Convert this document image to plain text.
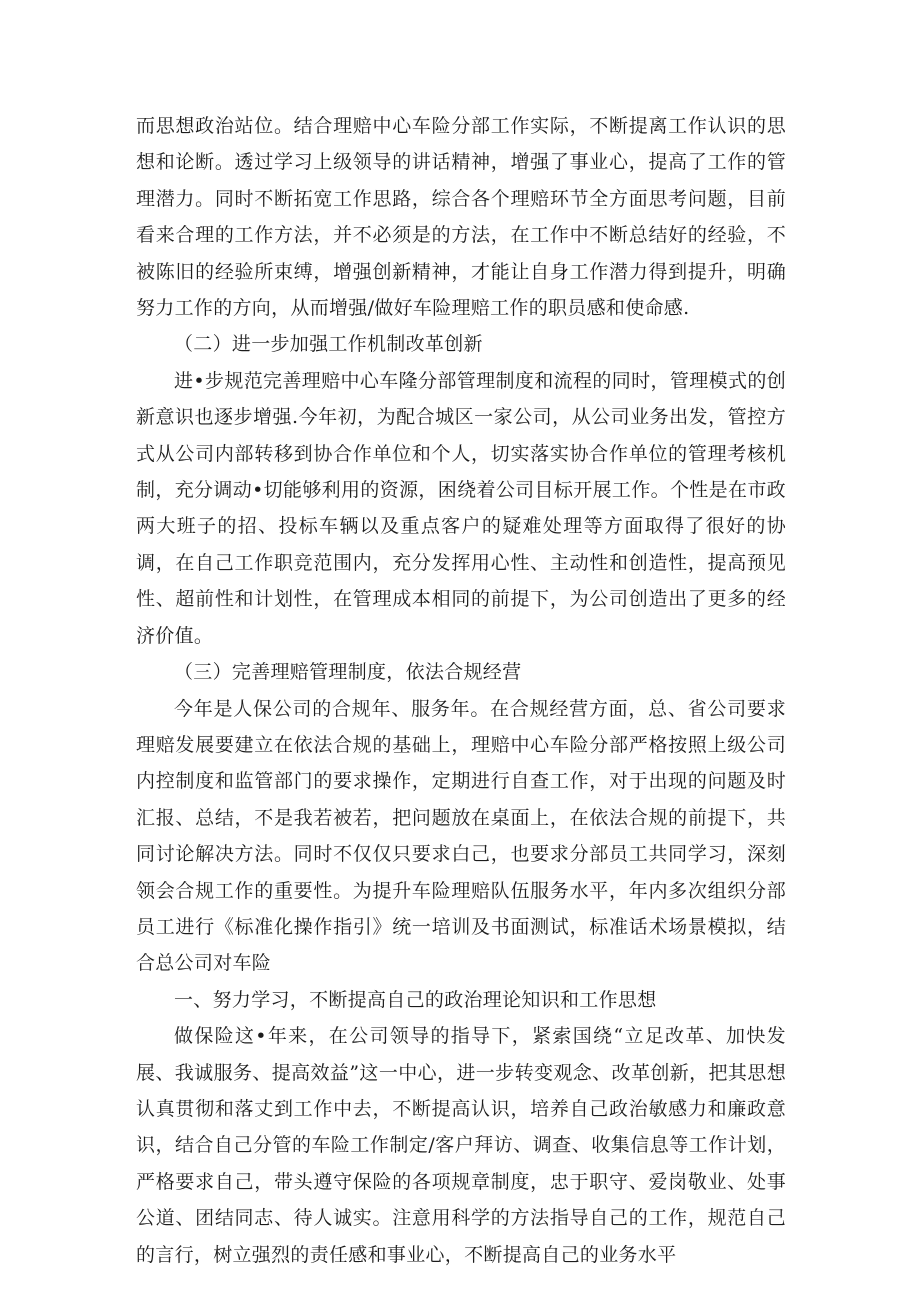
而思想政治站位。结合理赔中心车险分部工作实际，不断提离工作认识的思想和论断。透过学习上级领导的讲话精神，增强了事业心，提高了工作的管理潜力。同时不断拓宽工作思路，综合各个理赔环节全方面思考问题，目前看来合理的工作方法，并不必须是的方法，在工作中不断总结好的经验，不被陈旧的经验所束缚，增强创新精神，才能让自身工作潜力得到提升，明确努力工作的方向，从而增强/做好车险理赔工作的职员感和使命感.

（二）进一步加强工作机制改革创新

进•步规范完善理赔中心车隆分部管理制度和流程的同时，管理模式的创新意识也逐步增强.今年初，为配合城区一家公司，从公司业务出发，管控方式从公司内部转移到协合作单位和个人，切实落实协合作单位的管理考核机制，充分调动•切能够利用的资源，困绕着公司目标开展工作。个性是在市政两大班子的招、投标车辆以及重点客户的疑难处理等方面取得了很好的协调，在自己工作职竞范围内，充分发挥用心性、主动性和创造性，提高预见性、超前性和计划性，在管理成本相同的前提下，为公司创造出了更多的经济价值。

（三）完善理赔管理制度，依法合规经营

今年是人保公司的合规年、服务年。在合规经营方面，总、省公司要求理赔发展要建立在依法合规的基础上，理赔中心车险分部严格按照上级公司内控制度和监管部门的要求操作，定期进行自查工作，对于出现的问题及时汇报、总结，不是我若被若，把问题放在桌面上，在依法合规的前提下，共同讨论解决方法。同时不仅仅只要求白己，也要求分部员工共同学习，深刻领会合规工作的重要性。为提升车险理赔队伍服务水平，年内多次组织分部员工进行《标准化操作指引》统一培训及书面测试，标准话术场景模拟，结合总公司对车险

一、努力学习，不断提高自己的政治理论知识和工作思想

做保险这•年来，在公司领导的指导下，紧索国绕“立足改革、加快发展、我诚服务、提高效益”这一中心，进一步转变观念、改革创新，把其思想认真贯彻和落丈到工作中去，不断提高认识，培养自己政治敏感力和廉政意识，结合自己分管的车险工作制定/客户拜访、调查、收集信息等工作计划，严格要求自己，带头遵守保险的各项规章制度，忠于职守、爱岗敬业、处事公道、团结同志、待人诚实。注意用科学的方法指导自己的工作，规范自己的言行，树立强烈的责任感和事业心，不断提高自己的业务水平
